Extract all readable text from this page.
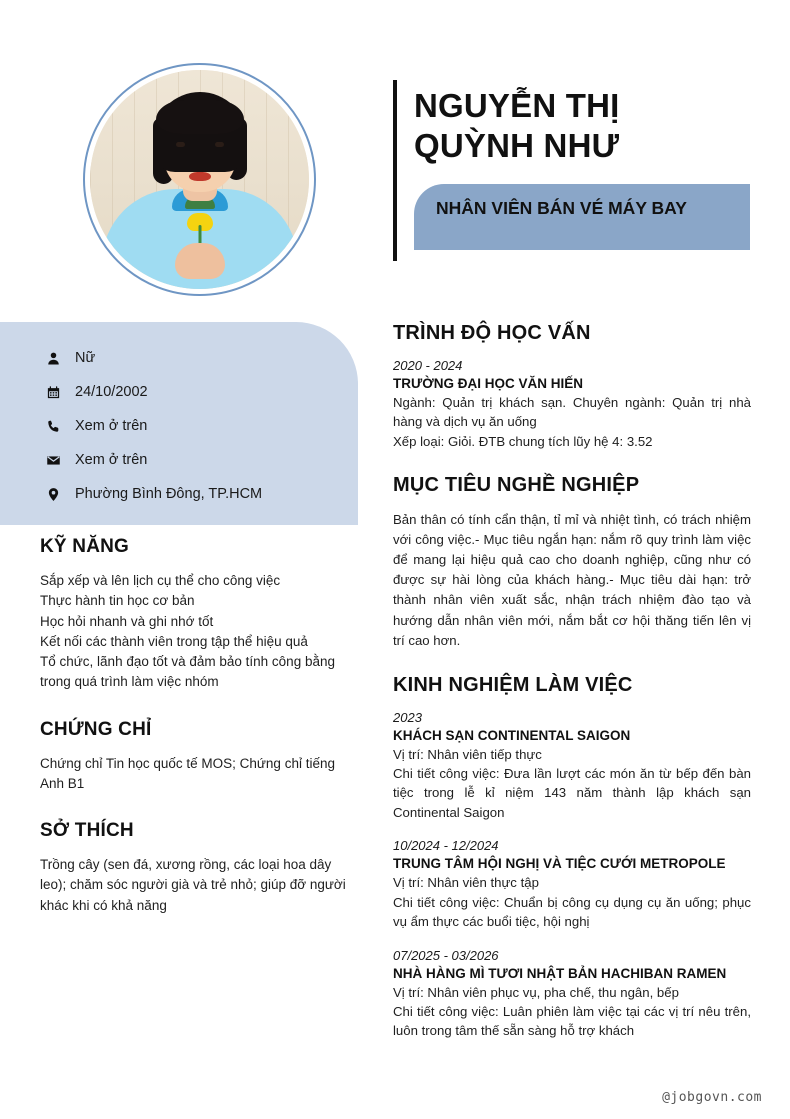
NGUYỄN THỊ
QUỲNH NHƯ
NHÂN VIÊN BÁN VÉ MÁY BAY
Nữ
24/10/2002
Xem ở trên
Xem ở trên
Phường Bình Đông, TP.HCM
KỸ NĂNG

Sắp xếp và lên lịch cụ thể cho công việc
Thực hành tin học cơ bản
Học hỏi nhanh và ghi nhớ tốt
Kết nối các thành viên trong tập thể hiệu quả
Tổ chức, lãnh đạo tốt và đảm bảo tính công bằng trong quá trình làm việc nhóm

CHỨNG CHỈ

Chứng chỉ Tin học quốc tế MOS; Chứng chỉ tiếng Anh B1

SỞ THÍCH

Trồng cây (sen đá, xương rồng, các loại hoa dây leo); chăm sóc người già và trẻ nhỏ; giúp đỡ người khác khi có khả năng

TRÌNH ĐỘ HỌC VẤN

2020 - 2024

TRƯỜNG ĐẠI HỌC VĂN HIẾN

Ngành: Quản trị khách sạn. Chuyên ngành: Quản trị nhà hàng và dịch vụ ăn uống
Xếp loại: Giỏi. ĐTB chung tích lũy hệ 4: 3.52

MỤC TIÊU NGHỀ NGHIỆP

Bản thân có tính cẩn thận, tỉ mỉ và nhiệt tình, có trách nhiệm với công việc.- Mục tiêu ngắn hạn: nắm rõ quy trình làm việc để mang lại hiệu quả cao cho doanh nghiệp, cũng như có được sự hài lòng của khách hàng.- Mục tiêu dài hạn: trở thành nhân viên xuất sắc, nhận trách nhiệm đào tạo và hướng dẫn nhân viên mới, nắm bắt cơ hội thăng tiến lên vị trí cao hơn.

KINH NGHIỆM LÀM VIỆC

2023

KHÁCH SẠN CONTINENTAL SAIGON

Vị trí: Nhân viên tiếp thực
Chi tiết công việc: Đưa lần lượt các món ăn từ bếp đến bàn tiệc trong lễ kỉ niệm 143 năm thành lập khách sạn Continental Saigon

10/2024 - 12/2024

TRUNG TÂM HỘI NGHỊ VÀ TIỆC CƯỚI METROPOLE

Vị trí: Nhân viên thực tập
Chi tiết công việc: Chuẩn bị công cụ dụng cụ ăn uống; phục vụ ẩm thực các buổi tiệc, hội nghị

07/2025 - 03/2026

NHÀ HÀNG MÌ TƯƠI NHẬT BẢN HACHIBAN RAMEN

Vị trí: Nhân viên phục vụ, pha chế, thu ngân, bếp
Chi tiết công việc: Luân phiên làm việc tại các vị trí nêu trên, luôn trong tâm thế sẵn sàng hỗ trợ khách

@jobgovn.com
